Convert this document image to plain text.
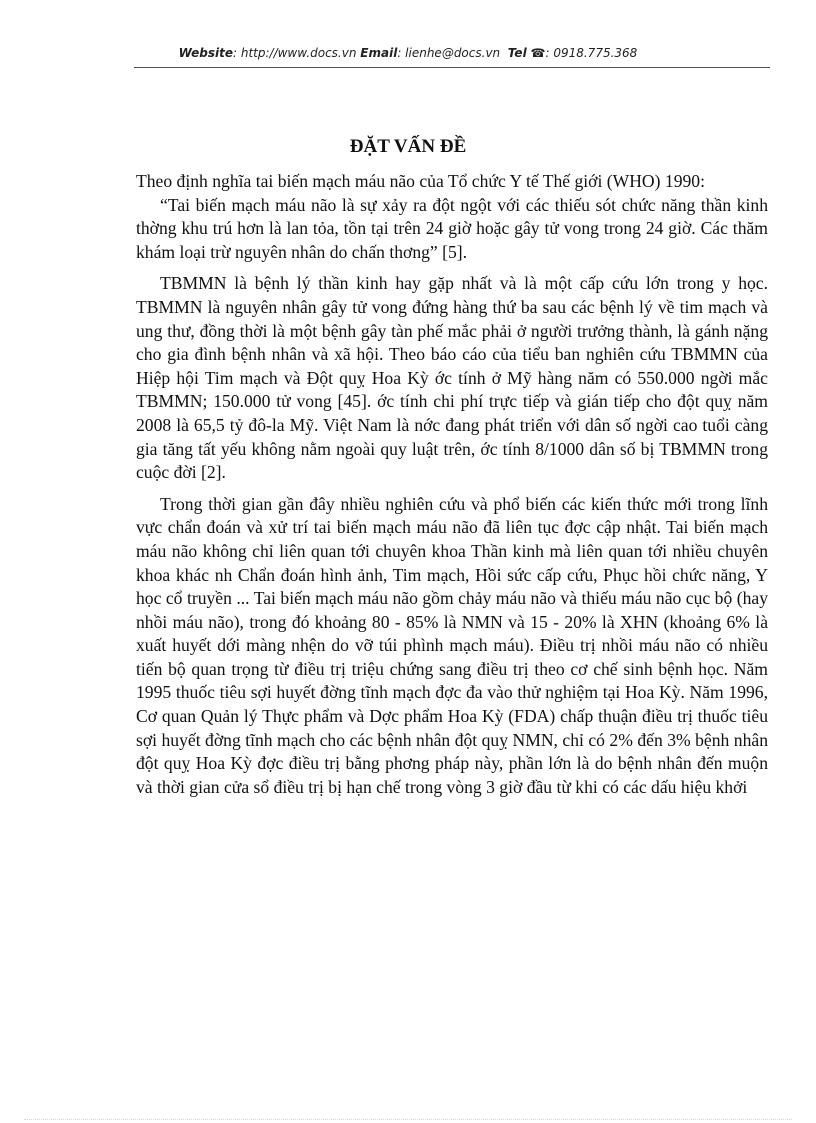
Website: http://www.docs.vn Email: lienhe@docs.vn Tel ☎: 0918.775.368
ĐẶT VẤN ĐỀ

Theo định nghĩa tai biến mạch máu não của Tổ chức Y tế Thế giới (WHO) 1990:

“Tai biến mạch máu não là sự xảy ra đột ngột với các thiếu sót chức năng thần kinh thờng khu trú hơn là lan tỏa, tồn tại trên 24 giờ hoặc gây tử vong trong 24 giờ. Các thăm khám loại trừ nguyên nhân do chấn thơng” [5].

TBMMN là bệnh lý thần kinh hay gặp nhất và là một cấp cứu lớn trong y học. TBMMN là nguyên nhân gây tử vong đứng hàng thứ ba sau các bệnh lý về tim mạch và ung thư, đồng thời là một bệnh gây tàn phế mắc phải ở người trưởng thành, là gánh nặng cho gia đình bệnh nhân và xã hội. Theo báo cáo của tiểu ban nghiên cứu TBMMN của Hiệp hội Tim mạch và Đột quỵ Hoa Kỳ ớc tính ở Mỹ hàng năm có 550.000 ngời mắc TBMMN; 150.000 tử vong [45]. ớc tính chi phí trực tiếp và gián tiếp cho đột quỵ năm 2008 là 65,5 tỷ đô-la Mỹ. Việt Nam là nớc đang phát triển với dân số ngời cao tuổi càng gia tăng tất yếu không nằm ngoài quy luật trên, ớc tính 8/1000 dân số bị TBMMN trong cuộc đời [2].

Trong thời gian gần đây nhiều nghiên cứu và phổ biến các kiến thức mới trong lĩnh vực chẩn đoán và xử trí tai biến mạch máu não đã liên tục đợc cập nhật. Tai biến mạch máu não không chỉ liên quan tới chuyên khoa Thần kinh mà liên quan tới nhiều chuyên khoa khác nh Chẩn đoán hình ảnh, Tim mạch, Hồi sức cấp cứu, Phục hồi chức năng, Y học cổ truyền ... Tai biến mạch máu não gồm chảy máu não và thiếu máu não cục bộ (hay nhồi máu não), trong đó khoảng 80 - 85% là NMN và 15 - 20% là XHN (khoảng 6% là xuất huyết dới màng nhện do vỡ túi phình mạch máu). Điều trị nhồi máu não có nhiều tiến bộ quan trọng từ điều trị triệu chứng sang điều trị theo cơ chế sinh bệnh học. Năm 1995 thuốc tiêu sợi huyết đờng tĩnh mạch đợc đa vào thử nghiệm tại Hoa Kỳ. Năm 1996, Cơ quan Quản lý Thực phẩm và Dợc phẩm Hoa Kỳ (FDA) chấp thuận điều trị thuốc tiêu sợi huyết đờng tĩnh mạch cho các bệnh nhân đột quỵ NMN, chỉ có 2% đến 3% bệnh nhân đột quỵ Hoa Kỳ đợc điều trị bằng phơng pháp này, phần lớn là do bệnh nhân đến muộn và thời gian cửa sổ điều trị bị hạn chế trong vòng 3 giờ đầu từ khi có các dấu hiệu khởi
